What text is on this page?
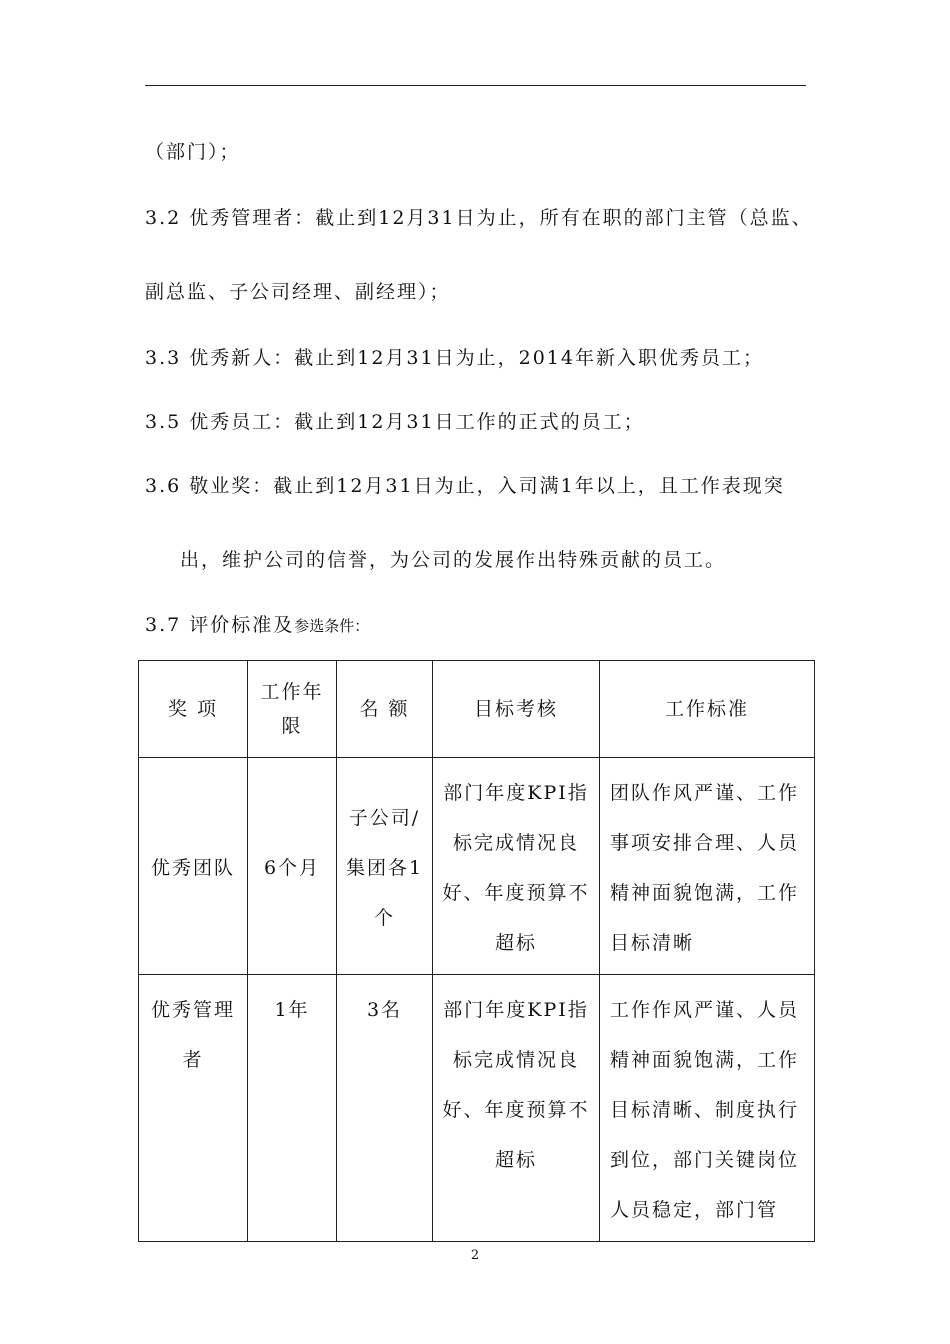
（部门）；
3.2 优秀管理者：截止到12月31日为止，所有在职的部门主管（总监、
副总监、子公司经理、副经理）；
3.3 优秀新人：截止到12月31日为止，2014年新入职优秀员工；
3.5 优秀员工：截止到12月31日工作的正式的员工；
3.6 敬业奖：截止到12月31日为止，入司满1年以上，且工作表现突
出，维护公司的信誉，为公司的发展作出特殊贡献的员工。
3.7 评价标准及参选条件：
奖 项	工作年限	名 额	目标考核	工作标准
优秀团队	6个月	子公司/集团各1个	部门年度KPI指标完成情况良好、年度预算不超标	团队作风严谨、工作事项安排合理、人员精神面貌饱满，工作目标清晰
优秀管理者	1年	3名	部门年度KPI指标完成情况良好、年度预算不超标	工作作风严谨、人员精神面貌饱满，工作目标清晰、制度执行到位，部门关键岗位人员稳定，部门管
2
